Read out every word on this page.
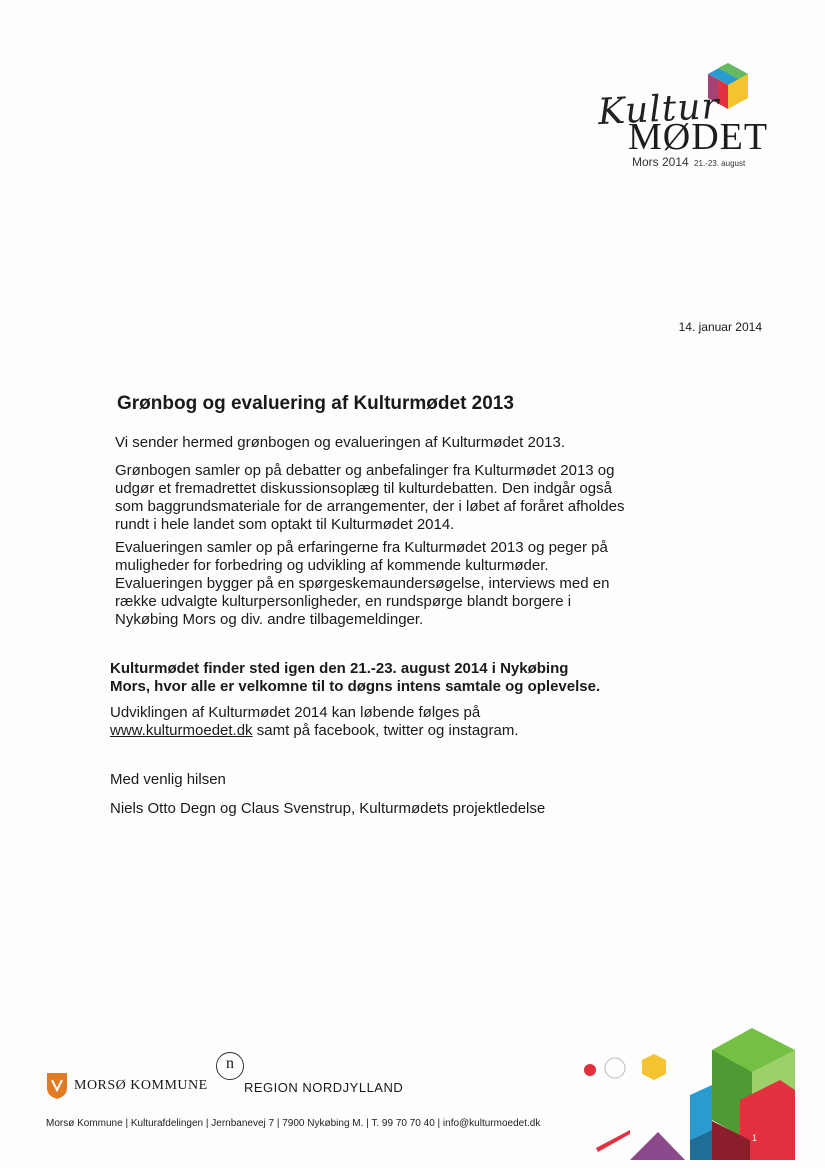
Kultur
MØDET
Mors 2014 21.-23. august
14. januar 2014
Grønbog og evaluering af Kulturmødet 2013

Vi sender hermed grønbogen og evalueringen af Kulturmødet 2013.

Grønbogen samler op på debatter og anbefalinger fra Kulturmødet 2013 og udgør et fremadrettet diskussionsoplæg til kulturdebatten. Den indgår også som baggrundsmateriale for de arrangementer, der i løbet af foråret afholdes rundt i hele landet som optakt til Kulturmødet 2014.

Evalueringen samler op på erfaringerne fra Kulturmødet 2013 og peger på muligheder for forbedring og udvikling af kommende kulturmøder. Evalueringen bygger på en spørgeskemaundersøgelse, interviews med en række udvalgte kulturpersonligheder, en rundspørge blandt borgere i Nykøbing Mors og div. andre tilbagemeldinger.

Kulturmødet finder sted igen den 21.-23. august 2014 i Nykøbing Mors, hvor alle er velkomne til to døgns intens samtale og oplevelse.

Udviklingen af Kulturmødet 2014 kan løbende følges på
www.kulturmoedet.dk samt på facebook, twitter og instagram.

Med venlig hilsen

Niels Otto Degn og Claus Svenstrup, Kulturmødets projektledelse

MORSØ KOMMUNE
n
REGION NORDJYLLAND
Morsø Kommune | Kulturafdelingen | Jernbanevej 7 | 7900 Nykøbing M. | T. 99 70 70 40 | info@kulturmoedet.dk
1
